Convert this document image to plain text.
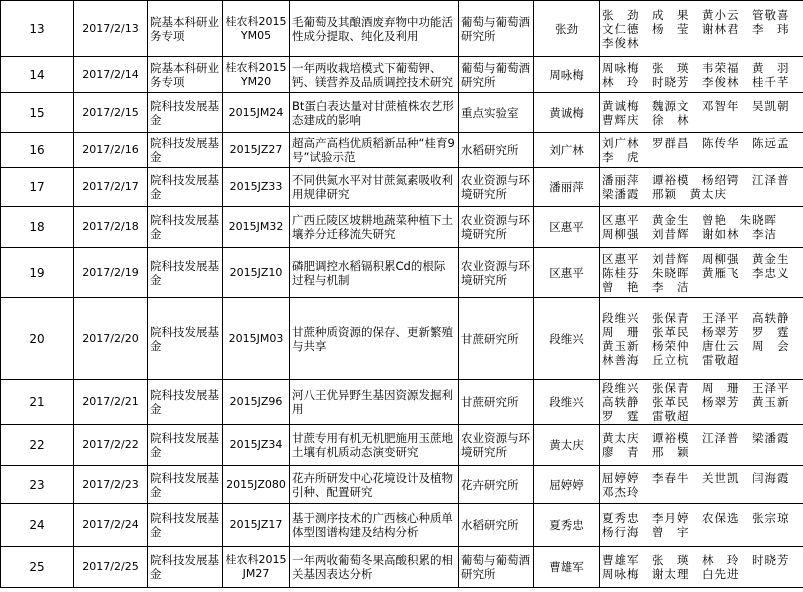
13	2017/2/13	院基本科研业务专项	桂农科2015YM05	毛葡萄及其酿酒废弃物中功能活性成分提取、纯化及利用	葡萄与葡萄酒研究所	张劲	张　劲　成　果　黄小云　管敬喜　文仁德　杨　莹　谢林君　李　玮　李俊林
14	2017/2/14	院基本科研业务专项	桂农科2015YM20	一年两收栽培模式下葡萄钾、钙、镁营养及品质调控技术研究	葡萄与葡萄酒研究所	周咏梅	周咏梅　张　瑛　韦荣福　黄　羽　林　玲　时晓芳　李俊林　桂千芊
15	2017/2/15	院科技发展基金	2015JM24	Bt蛋白表达量对甘蔗植株农艺形态建成的影响	重点实验室	黄诚梅	黄诚梅　魏源文　邓智年　吴凯朝　曹辉庆　徐　林
16	2017/2/16	院科技发展基金	2015JZ27	超高产高档优质稻新品种“桂育9号”试验示范	水稻研究所	刘广林	刘广林　罗群昌　陈传华　陈远孟　李　虎
17	2017/2/17	院科技发展基金	2015JZ33	不同供氮水平对甘蔗氮素吸收利用规律研究	农业资源与环境研究所	潘丽萍	潘丽萍　谭裕模　杨绍锷　江泽普　梁潘霞　邢颖　黄太庆
18	2017/2/18	院科技发展基金	2015JM32	广西丘陵区坡耕地蔬菜种植下土壤养分迁移流失研究	农业资源与环境研究所	区惠平	区惠平　黄金生　曾艳　朱晓晖　周柳强　刘昔辉　谢如林　李洁
19	2017/2/19	院科技发展基金	2015JZ10	磷肥调控水稻镉积累Cd的根际过程与机制	农业资源与环境研究所	区惠平	区惠平　刘昔辉　周柳强　黄金生　陈桂芬　朱晓晖　黄雁飞　李忠义　曾　艳　李　洁
20	2017/2/20	院科技发展基金	2015JM03	甘蔗种质资源的保存、更新繁殖与共享	甘蔗研究所	段维兴	段维兴　张保青　王泽平　高轶静　周　珊　张革民　杨翠芳　罗　霆　黄玉新　杨荣仲　唐仕云　周　会　林善海　丘立杭　雷敬超
21	2017/2/21	院科技发展基金	2015JZ96	河八王优异野生基因资源发掘利用	甘蔗研究所	段维兴	段维兴　张保青　周　珊　王泽平　高轶静　张革民　杨翠芳　黄玉新　罗　霆　雷敬超
22	2017/2/22	院科技发展基金	2015JZ34	甘蔗专用有机无机肥施用玉蔗地土壤有机质动态演变研究	农业资源与环境研究所	黄太庆	黄太庆　谭裕模　江泽普　梁潘霞　廖　青　邢　颖
23	2017/2/23	院科技发展基金	2015JZ080	花卉所研发中心花境设计及植物引种、配置研究	花卉研究所	屈婷婷	屈婷婷　李春牛　关世凯　闫海霞　邓杰玲
24	2017/2/24	院科技发展基金	2015JZ17	基于测序技术的广西核心种质单体型图谱构建及结构分析	水稻研究所	夏秀忠	夏秀忠　李月婷　农保选　张宗琼　杨行海　曾　宇
25	2017/2/25	院科技发展基金	桂农科2015JM27	一年两收葡萄冬果高酸积累的相关基因表达分析	葡萄与葡萄酒研究所	曹雄军	曹雄军　张　瑛　林　玲　时晓芳　周咏梅　谢太理　白先进
